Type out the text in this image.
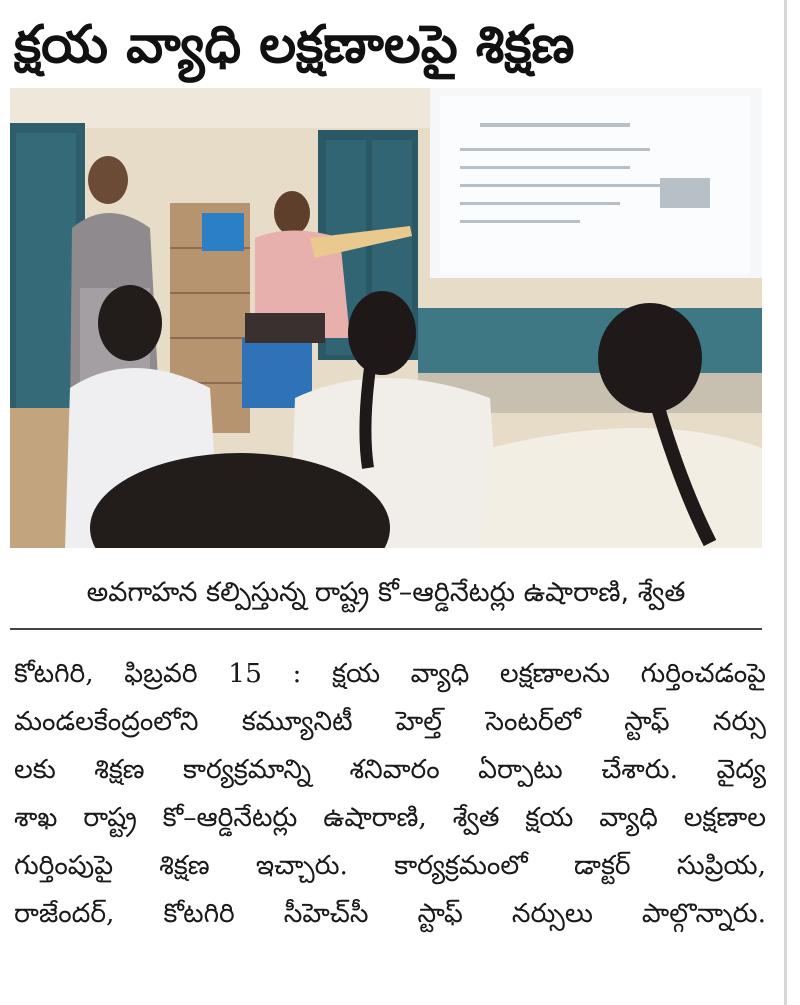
క్షయ వ్యాధి లక్షణాలపై శిక్షణ
అవగాహన కల్పిస్తున్న రాష్ట్ర కో–ఆర్డినేటర్లు ఉషారాణి, శ్వేత
కోటగిరి, ఫిబ్రవరి 15 : క్షయ వ్యాధి లక్షణాలను గుర్తించడంపై
మండలకేంద్రంలోని కమ్యూనిటీ హెల్త్ సెంటర్‌లో స్టాఫ్ నర్సు
లకు శిక్షణ కార్యక్రమాన్ని శనివారం ఏర్పాటు చేశారు. వైద్య
శాఖ రాష్ట్ర కో–ఆర్డినేటర్లు ఉషారాణి, శ్వేత క్షయ వ్యాధి లక్షణాల
గుర్తింపుపై శిక్షణ ఇచ్చారు. కార్యక్రమంలో డాక్టర్ సుప్రియ,
రాజేందర్, కోటగిరి సీహెచ్‌సీ స్టాఫ్ నర్సులు పాల్గొన్నారు.
